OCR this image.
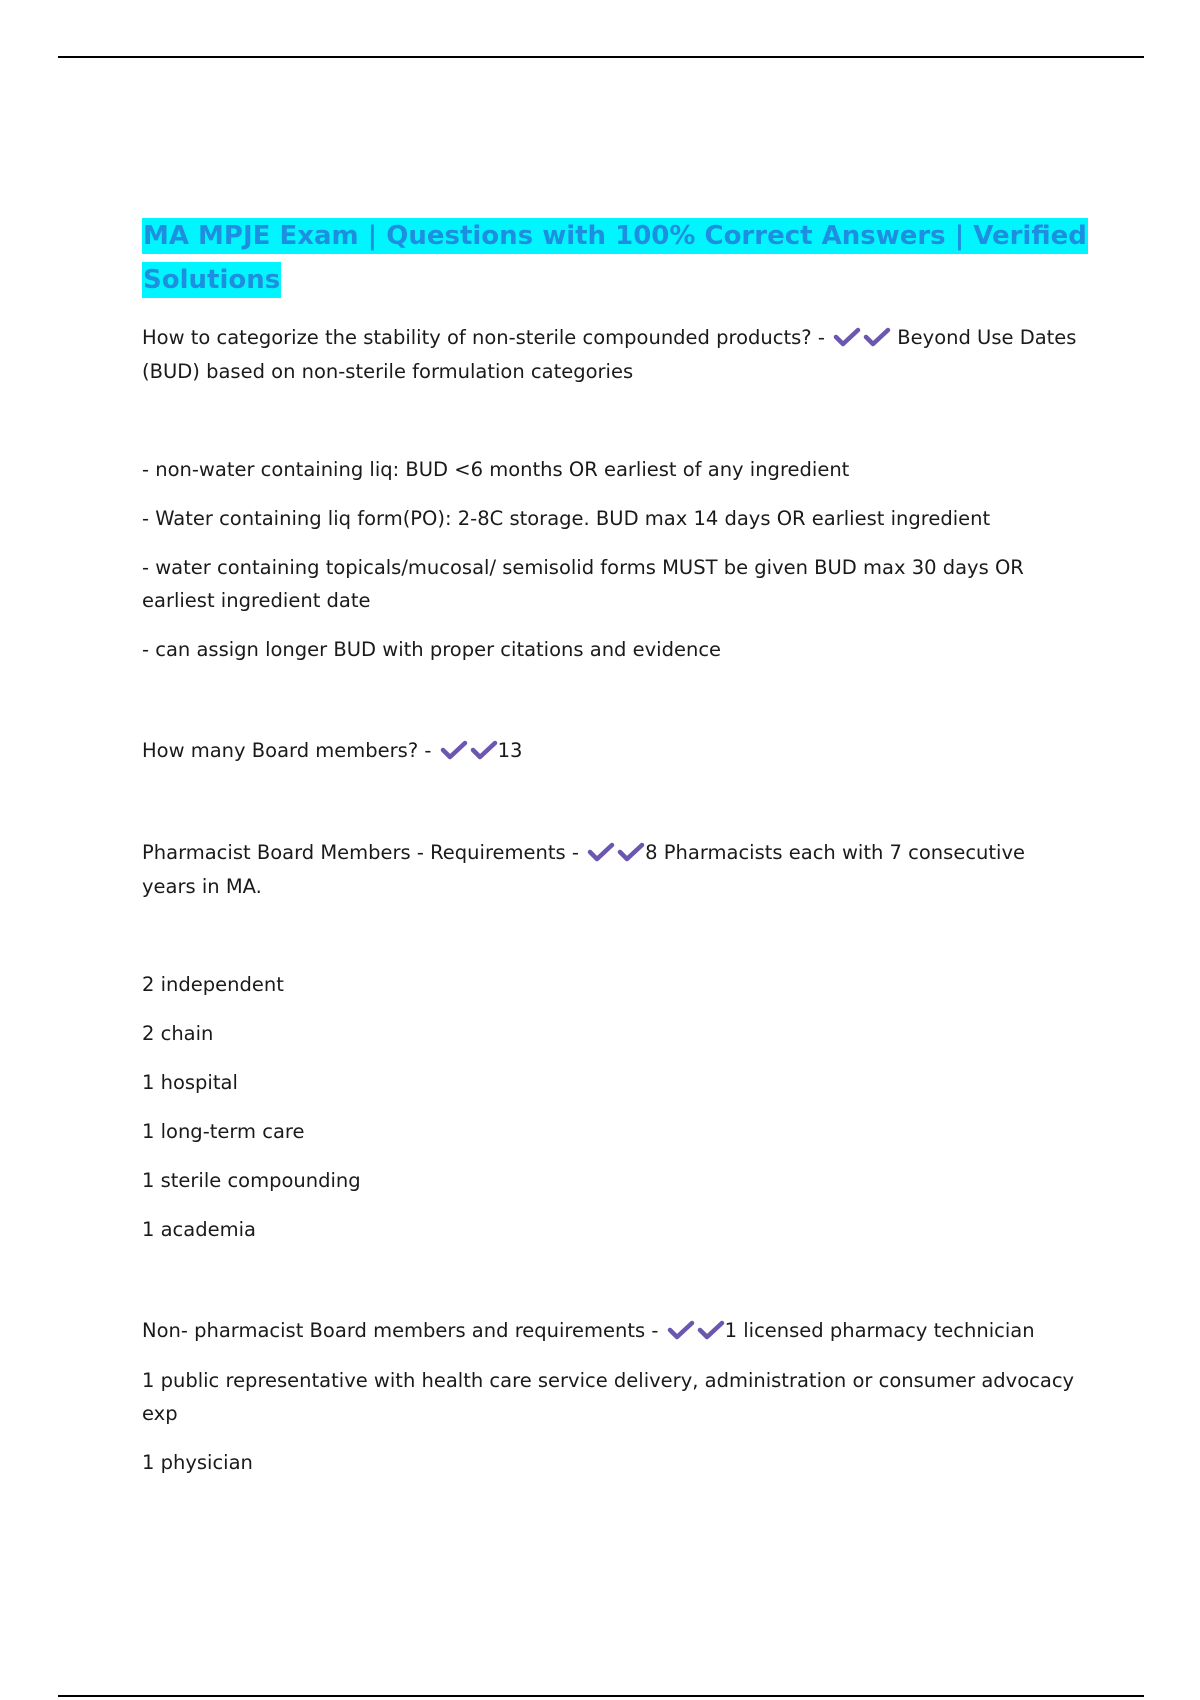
MA MPJE Exam | Questions with 100% Correct Answers | Verified
Solutions
How to categorize the stability of non-sterile compounded products? -	Beyond Use Dates
(BUD) based on non-sterile formulation categories
- non-water containing liq: BUD <6 months OR earliest of any ingredient
- Water containing liq form(PO): 2-8C storage. BUD max 14 days OR earliest ingredient
- water containing topicals/mucosal/ semisolid forms MUST be given BUD max 30 days OR
earliest ingredient date
- can assign longer BUD with proper citations and evidence
How many Board members? -	13
Pharmacist Board Members - Requirements -	8 Pharmacists each with 7 consecutive
years in MA.
2 independent
2 chain
1 hospital
1 long-term care
1 sterile compounding
1 academia
Non- pharmacist Board members and requirements -	1 licensed pharmacy technician
1 public representative with health care service delivery, administration or consumer advocacy
exp
1 physician
